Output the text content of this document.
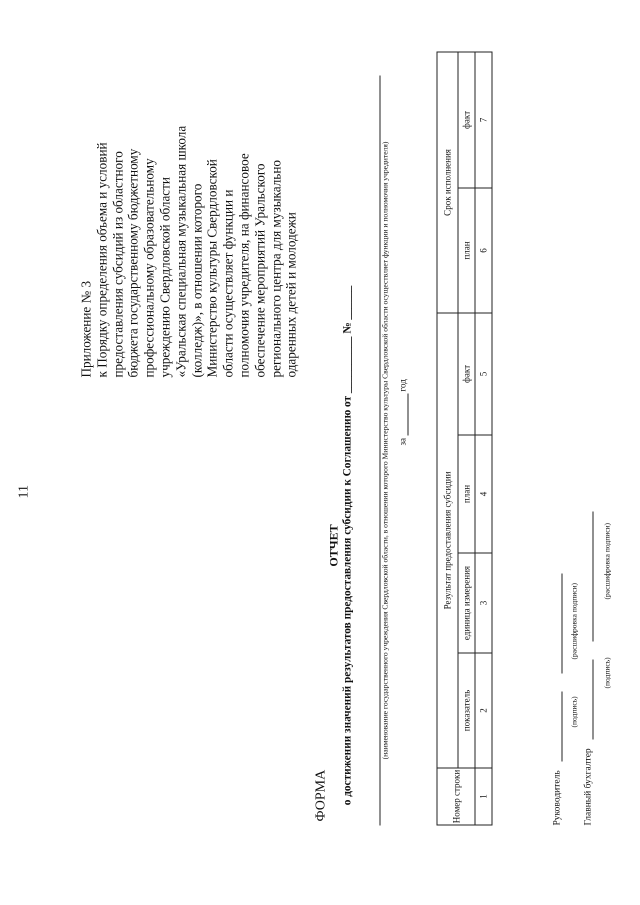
11
Приложение № 3 к Порядку определения объема и условий предоставления субсидий из областного бюджета государственному бюджетному профессиональному образовательному учреждению Свердловской области «Уральская специальная музыкальная школа (колледж)», в отношении которого Министерство культуры Свердловской области осуществляет функции и полномочия учредителя, на финансовое обеспечение мероприятий Уральского регионального центра для музыкально одаренных детей и молодежи
ФОРМА
ОТЧЕТ о достижении значений результатов предоставления субсидии к Соглашению от __________ № ______	(наименование государственного учреждения Свердловской области, в отношении которого Министерство культуры Свердловской области осуществляет функции и полномочия учредителя) за   год
Номер строки	Результат предоставления субсидии				Срок исполнения	
	показатель	единица измерения	план	факт	план	факт
1	2	3	4	5	6	7
Руководитель
(подпись)
(расшифровка подписи)
Главный бухгалтер
(подпись)
(расшифровка подписи)
